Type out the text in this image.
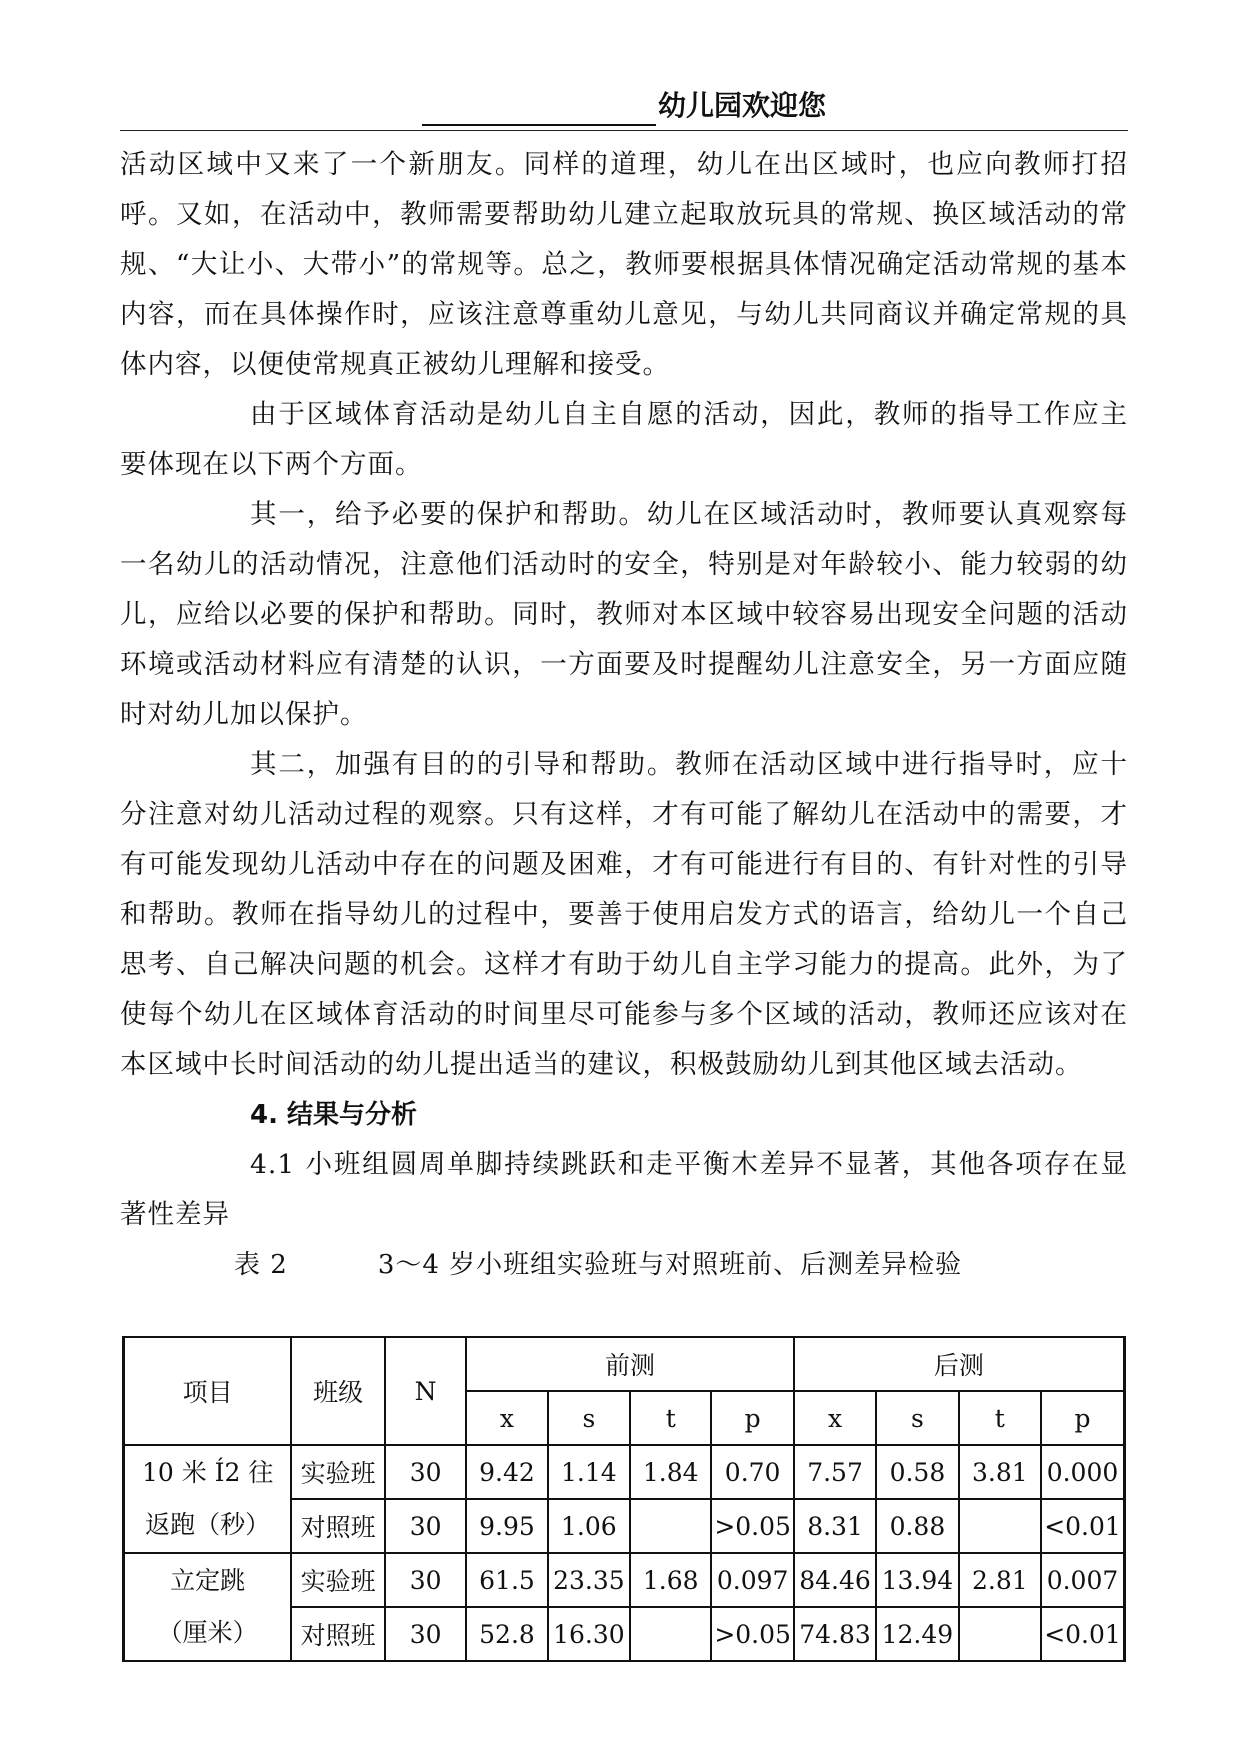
幼儿园欢迎您

活动区域中又来了一个新朋友。同样的道理，幼儿在出区域时，也应向教师打招呼。又如，在活动中，教师需要帮助幼儿建立起取放玩具的常规、换区域活动的常规、“大让小、大带小”的常规等。总之，教师要根据具体情况确定活动常规的基本内容，而在具体操作时，应该注意尊重幼儿意见，与幼儿共同商议并确定常规的具体内容，以便使常规真正被幼儿理解和接受。

由于区域体育活动是幼儿自主自愿的活动，因此，教师的指导工作应主要体现在以下两个方面。

其一，给予必要的保护和帮助。幼儿在区域活动时，教师要认真观察每一名幼儿的活动情况，注意他们活动时的安全，特别是对年龄较小、能力较弱的幼儿，应给以必要的保护和帮助。同时，教师对本区域中较容易出现安全问题的活动环境或活动材料应有清楚的认识，一方面要及时提醒幼儿注意安全，另一方面应随时对幼儿加以保护。

其二，加强有目的的引导和帮助。教师在活动区域中进行指导时，应十分注意对幼儿活动过程的观察。只有这样，才有可能了解幼儿在活动中的需要，才有可能发现幼儿活动中存在的问题及困难，才有可能进行有目的、有针对性的引导和帮助。教师在指导幼儿的过程中，要善于使用启发方式的语言，给幼儿一个自己思考、自己解决问题的机会。这样才有助于幼儿自主学习能力的提高。此外，为了使每个幼儿在区域体育活动的时间里尽可能参与多个区域的活动，教师还应该对在本区域中长时间活动的幼儿提出适当的建议，积极鼓励幼儿到其他区域去活动。

4. 结果与分析

4.1 小班组圆周单脚持续跳跃和走平衡木差异不显著，其他各项存在显著性差异

表 2	3～4 岁小班组实验班与对照班前、后测差异检验

项目	班级	N	前测				后测			
			x	s	t	p	x	s	t	p

10 米 Í2 往
返跑（秒）	实验班	30	9.42	1.14	1.84	0.70	7.57	0.58	3.81	0.000
	对照班	30	9.95	1.06		>0.05	8.31	0.88		<0.01

立定跳
（厘米）	实验班	30	61.5	23.35	1.68	0.097	84.46	13.94	2.81	0.007
	对照班	30	52.8	16.30		>0.05	74.83	12.49		<0.01
